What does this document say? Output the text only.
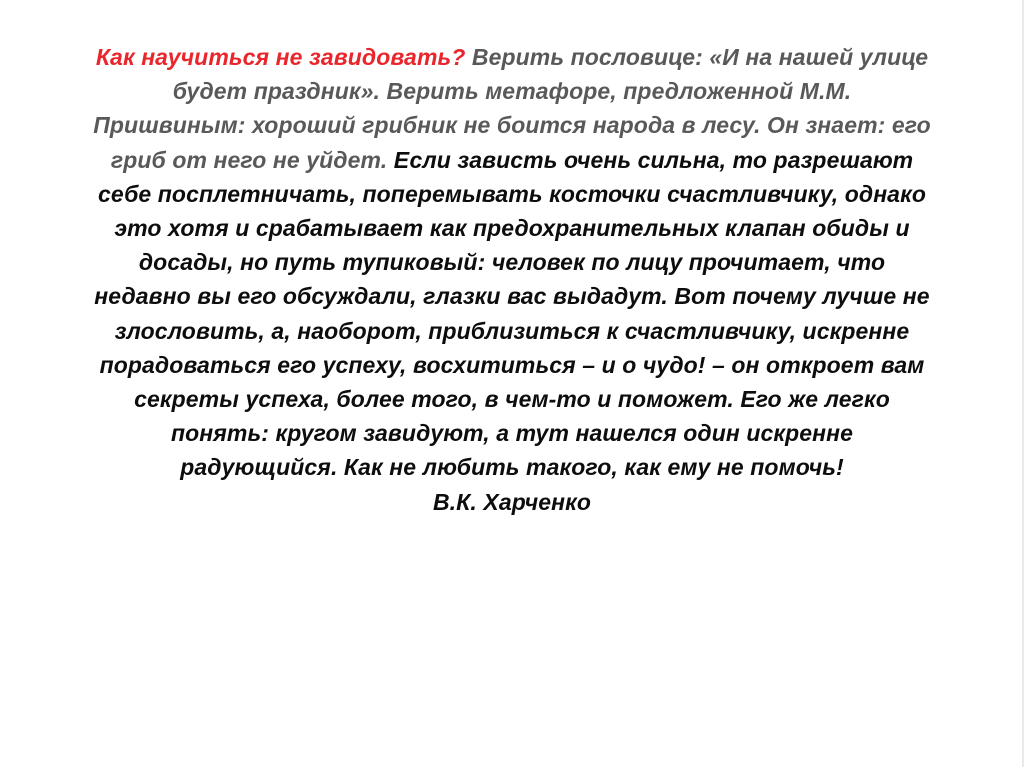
Как научиться не завидовать? Верить пословице: «И на нашей улице
будет праздник». Верить метафоре, предложенной М.М.
Пришвиным: хороший грибник не боится народа в лесу. Он знает: его
гриб от него не уйдет. Если зависть очень сильна, то разрешают
себе посплетничать, поперемывать косточки счастливчику, однако
это хотя и срабатывает как предохранительных клапан обиды и
досады, но путь тупиковый: человек по лицу прочитает, что
недавно вы его обсуждали, глазки вас выдадут. Вот почему лучше не
злословить, а, наоборот, приблизиться к счастливчику, искренне
порадоваться его успеху, восхититься – и о чудо! – он откроет вам
секреты успеха, более того, в чем-то и поможет. Его же легко
понять: кругом завидуют, а тут нашелся один искренне
радующийся. Как не любить такого, как ему не помочь!
В.К. Харченко
